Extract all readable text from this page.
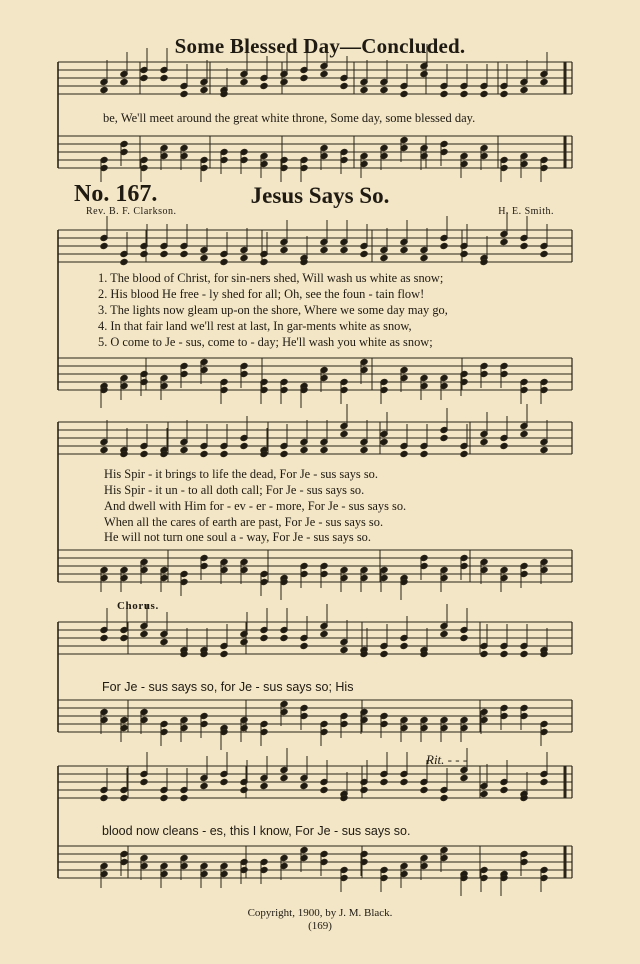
Some Blessed Day—Concluded.
be, We'll meet around the great white throne, Some day, some blessed day.
No. 167.	Jesus Says So.
Rev. B. F. Clarkson.	H. E. Smith.
1. The blood of Christ, for sin-ners shed, Will wash us white as snow;
2. His blood He free - ly shed for all; Oh, see the foun - tain flow!
3. The lights now gleam up-on the shore, Where we some day may go,
4. In that fair land we'll rest at last, In gar-ments white as snow,
5. O come to Je - sus, come to - day; He'll wash you white as snow;
His Spir - it brings to life the dead, For Je - sus says so.
His Spir - it un - to all doth call; For Je - sus says so.
And dwell with Him for - ev - er - more, For Je - sus says so.
When all the cares of earth are past, For Je - sus says so.
He will not turn one soul a - way, For Je - sus says so.
Chorus.
For Je - sus says so, for Je - sus says so; His
Rit. - - -
blood now cleans - es, this I know, For Je - sus says so.
Copyright, 1900, by J. M. Black.
(169)
